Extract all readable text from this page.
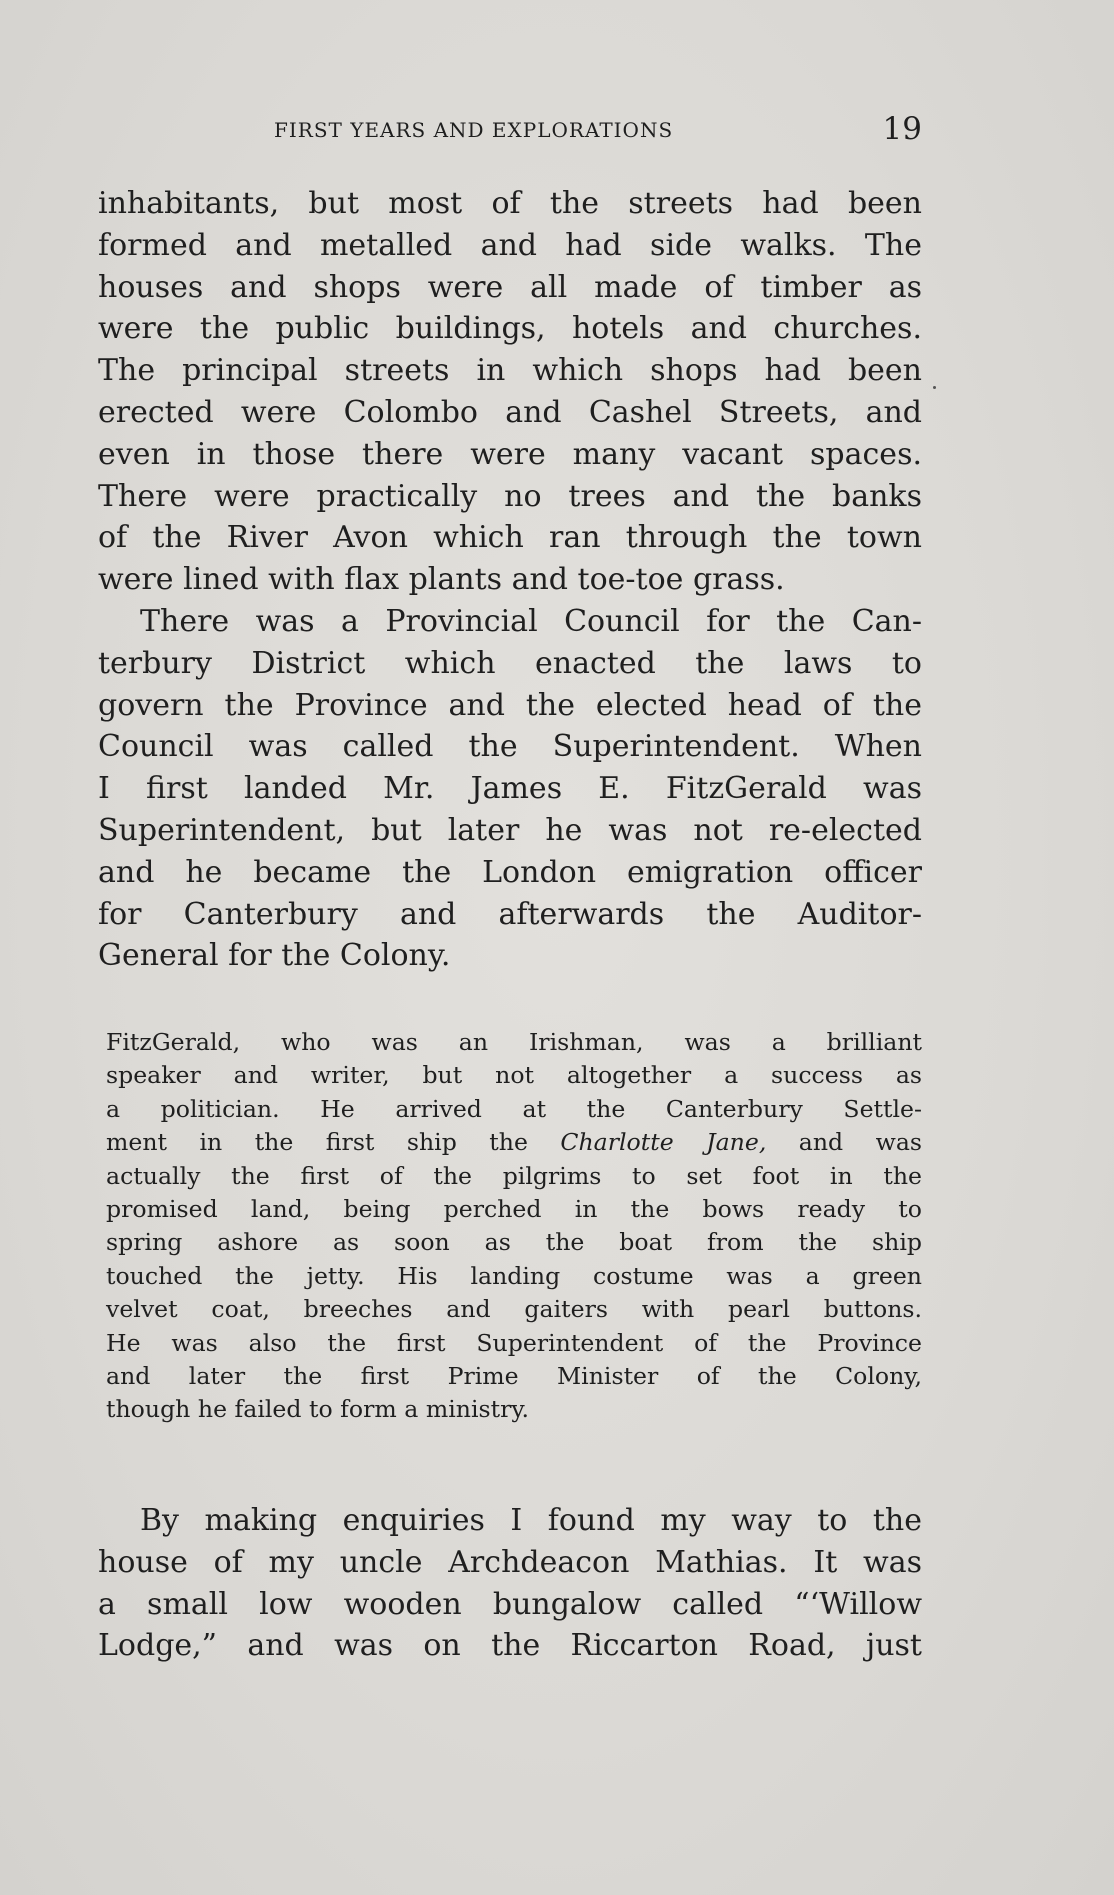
FIRST YEARS AND EXPLORATIONS	19
inhabitants, but most of the streets had been
formed and metalled and had side walks. The
houses and shops were all made of timber as
were the public buildings, hotels and churches.
The principal streets in which shops had been
erected were Colombo and Cashel Streets, and
even in those there were many vacant spaces.
There were practically no trees and the banks
of the River Avon which ran through the town
were lined with flax plants and toe-toe grass.
There was a Provincial Council for the Can-
terbury District which enacted the laws to
govern the Province and the elected head of the
Council was called the Superintendent. When
I first landed Mr. James E. FitzGerald was
Superintendent, but later he was not re-elected
and he became the London emigration officer
for Canterbury and afterwards the Auditor-
General for the Colony.
FitzGerald, who was an Irishman, was a brilliant
speaker and writer, but not altogether a success as
a politician. He arrived at the Canterbury Settle-
ment in the first ship the Charlotte Jane, and was
actually the first of the pilgrims to set foot in the
promised land, being perched in the bows ready to
spring ashore as soon as the boat from the ship
touched the jetty. His landing costume was a green
velvet coat, breeches and gaiters with pearl buttons.
He was also the first Superintendent of the Province
and later the first Prime Minister of the Colony,
though he failed to form a ministry.
By making enquiries I found my way to the
house of my uncle Archdeacon Mathias. It was
a small low wooden bungalow called “‘Willow
Lodge,” and was on the Riccarton Road, just
